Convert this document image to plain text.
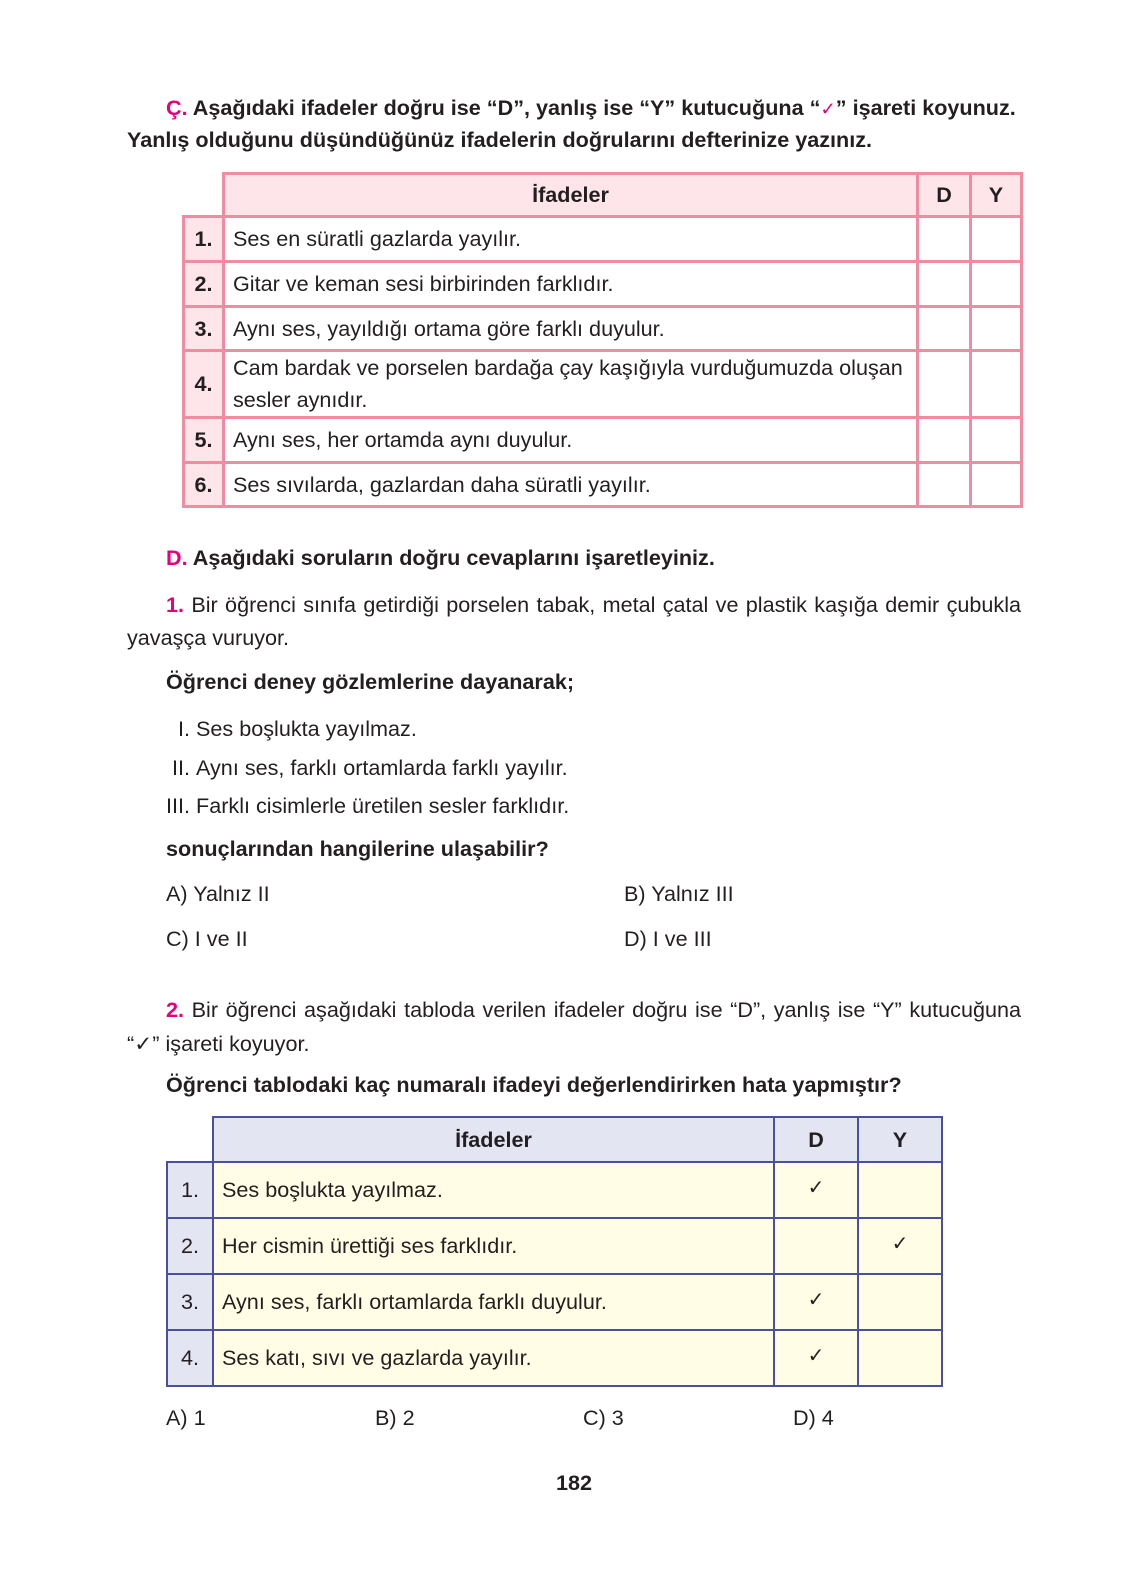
Ç. Aşağıdaki ifadeler doğru ise “D”, yanlış ise “Y” kutucuğuna “✓” işareti koyunuz.
Yanlış olduğunu düşündüğünüz ifadelerin doğrularını defterinize yazınız.
	İfadeler	D	Y
1.	Ses en süratli gazlarda yayılır.		
2.	Gitar ve keman sesi birbirinden farklıdır.		
3.	Aynı ses, yayıldığı ortama göre farklı duyulur.		
4.	Cam bardak ve porselen bardağa çay kaşığıyla vurduğumuzda oluşan sesler aynıdır.		
5.	Aynı ses, her ortamda aynı duyulur.		
6.	Ses sıvılarda, gazlardan daha süratli yayılır.		
D. Aşağıdaki soruların doğru cevaplarını işaretleyiniz.
1. Bir öğrenci sınıfa getirdiği porselen tabak, metal çatal ve plastik kaşığa demir çubukla
yavaşça vuruyor.
Öğrenci deney gözlemlerine dayanarak;
I. Ses boşlukta yayılmaz.
II. Aynı ses, farklı ortamlarda farklı yayılır.
III. Farklı cisimlerle üretilen sesler farklıdır.
sonuçlarından hangilerine ulaşabilir?
A) Yalnız II	B) Yalnız III
C) I ve II	D) I ve III
2. Bir öğrenci aşağıdaki tabloda verilen ifadeler doğru ise “D”, yanlış ise “Y” kutucuğuna
“✓” işareti koyuyor.
Öğrenci tablodaki kaç numaralı ifadeyi değerlendirirken hata yapmıştır?
	İfadeler	D	Y
1.	Ses boşlukta yayılmaz.	✓	
2.	Her cismin ürettiği ses farklıdır.		✓
3.	Aynı ses, farklı ortamlarda farklı duyulur.	✓	
4.	Ses katı, sıvı ve gazlarda yayılır.	✓	
A) 1	B) 2	C) 3	D) 4
182
